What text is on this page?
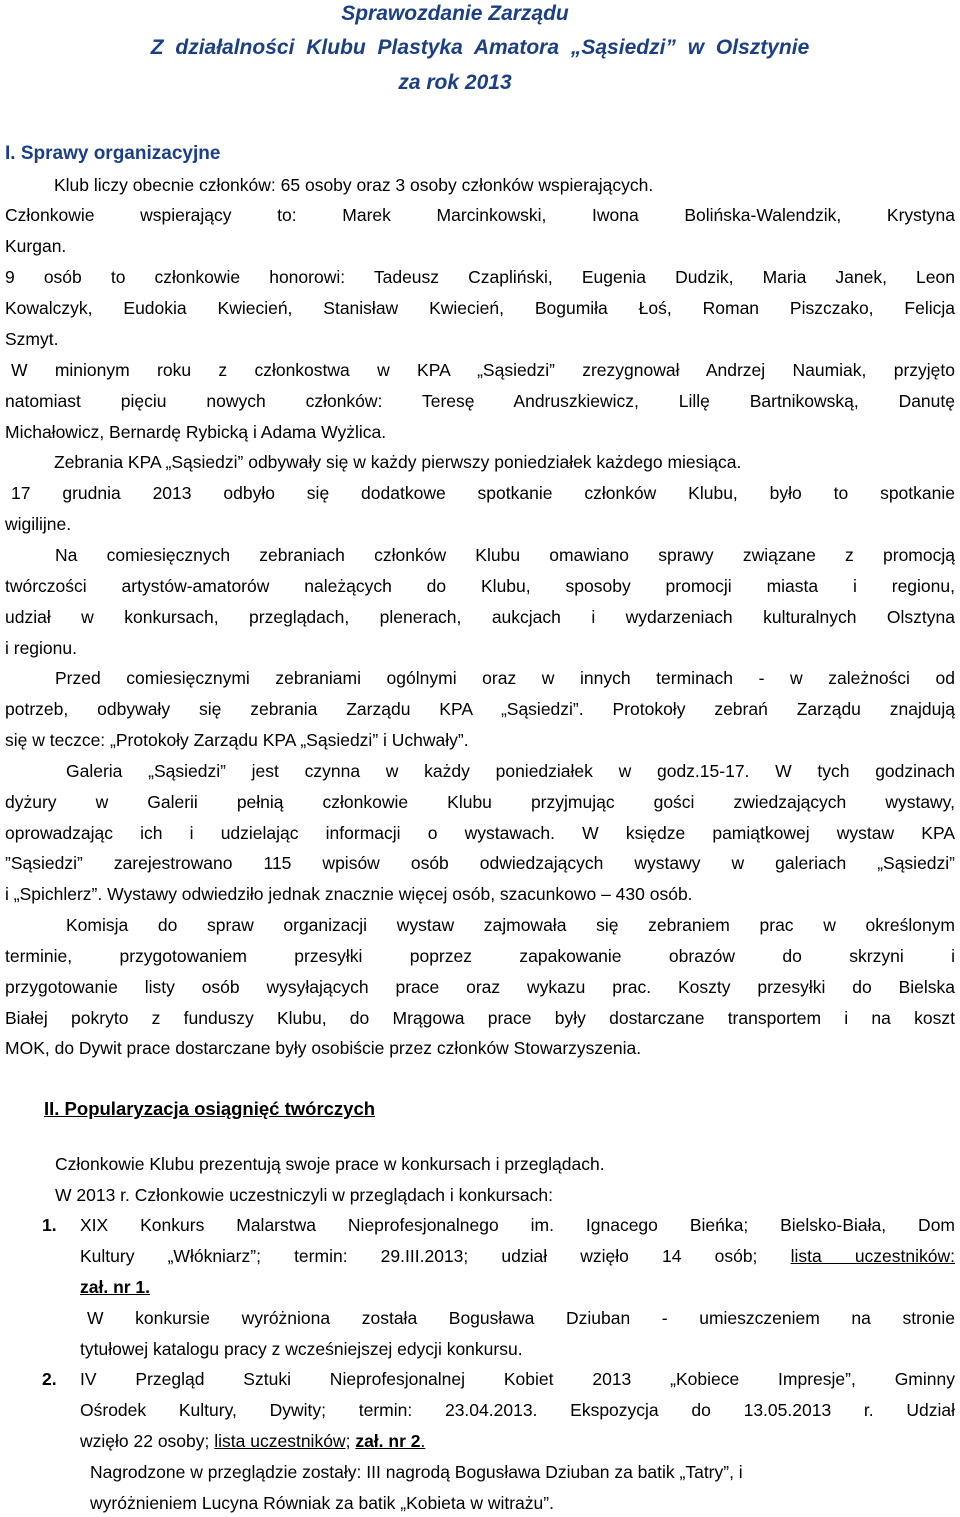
Sprawozdanie Zarządu
Z działalności Klubu Plastyka Amatora „Sąsiedzi” w Olsztynie
za rok 2013
I. Sprawy organizacyjne
Klub liczy obecnie członków: 65 osoby oraz 3 osoby członków wspierających.
Członkowie wspierający to: Marek Marcinkowski, Iwona Bolińska-Walendzik, Krystyna
Kurgan.
9 osób to członkowie honorowi: Tadeusz Czapliński, Eugenia Dudzik, Maria Janek, Leon
Kowalczyk, Eudokia Kwiecień, Stanisław Kwiecień, Bogumiła Łoś, Roman Piszczako, Felicja
Szmyt.
W minionym roku z członkostwa w KPA „Sąsiedzi” zrezygnował Andrzej Naumiak, przyjęto
natomiast pięciu nowych członków: Teresę Andruszkiewicz, Lillę Bartnikowską, Danutę
Michałowicz, Bernardę Rybicką i Adama Wyżlica.
Zebrania KPA „Sąsiedzi” odbywały się w każdy pierwszy poniedziałek każdego miesiąca.
17 grudnia 2013 odbyło się dodatkowe spotkanie członków Klubu, było to spotkanie
wigilijne.
Na comiesięcznych zebraniach członków Klubu omawiano sprawy związane z promocją
twórczości artystów-amatorów należących do Klubu, sposoby promocji miasta i regionu,
udział w konkursach, przeglądach, plenerach, aukcjach i wydarzeniach kulturalnych Olsztyna
i regionu.
Przed comiesięcznymi zebraniami ogólnymi oraz w innych terminach - w zależności od
potrzeb, odbywały się zebrania Zarządu KPA „Sąsiedzi”. Protokoły zebrań Zarządu znajdują
się w teczce: „Protokoły Zarządu KPA „Sąsiedzi” i Uchwały”.
Galeria „Sąsiedzi” jest czynna w każdy poniedziałek w godz.15-17. W tych godzinach
dyżury w Galerii pełnią członkowie Klubu przyjmując gości zwiedzających wystawy,
oprowadzając ich i udzielając informacji o wystawach. W księdze pamiątkowej wystaw KPA
”Sąsiedzi” zarejestrowano 115 wpisów osób odwiedzających wystawy w galeriach „Sąsiedzi”
i „Spichlerz”. Wystawy odwiedziło jednak znacznie więcej osób, szacunkowo – 430 osób.
Komisja do spraw organizacji wystaw zajmowała się zebraniem prac w określonym
terminie, przygotowaniem przesyłki poprzez zapakowanie obrazów do skrzyni i
przygotowanie listy osób wysyłających prace oraz wykazu prac. Koszty przesyłki do Bielska
Białej pokryto z funduszy Klubu, do Mrągowa prace były dostarczane transportem i na koszt
MOK, do Dywit prace dostarczane były osobiście przez członków Stowarzyszenia.
II. Popularyzacja osiągnięć twórczych
Członkowie Klubu prezentują swoje prace w konkursach i przeglądach.
W 2013 r. Członkowie uczestniczyli w przeglądach i konkursach:
1. XIX Konkurs Malarstwa Nieprofesjonalnego im. Ignacego Bieńka; Bielsko-Biała, Dom
Kultury „Włókniarz”; termin: 29.III.2013; udział wzięło 14 osób; lista uczestników:
zał. nr 1.
W konkursie wyróżniona została Bogusława Dziuban - umieszczeniem na stronie
tytułowej katalogu pracy z wcześniejszej edycji konkursu.
2. IV Przegląd Sztuki Nieprofesjonalnej Kobiet 2013 „Kobiece Impresje”, Gminny
Ośrodek Kultury, Dywity; termin: 23.04.2013. Ekspozycja do 13.05.2013 r. Udział
wzięło 22 osoby; lista uczestników; zał. nr 2.
Nagrodzone w przeglądzie zostały: III nagrodą Bogusława Dziuban za batik „Tatry”, i
wyróżnieniem Lucyna Równiak za batik „Kobieta w witrażu”.
